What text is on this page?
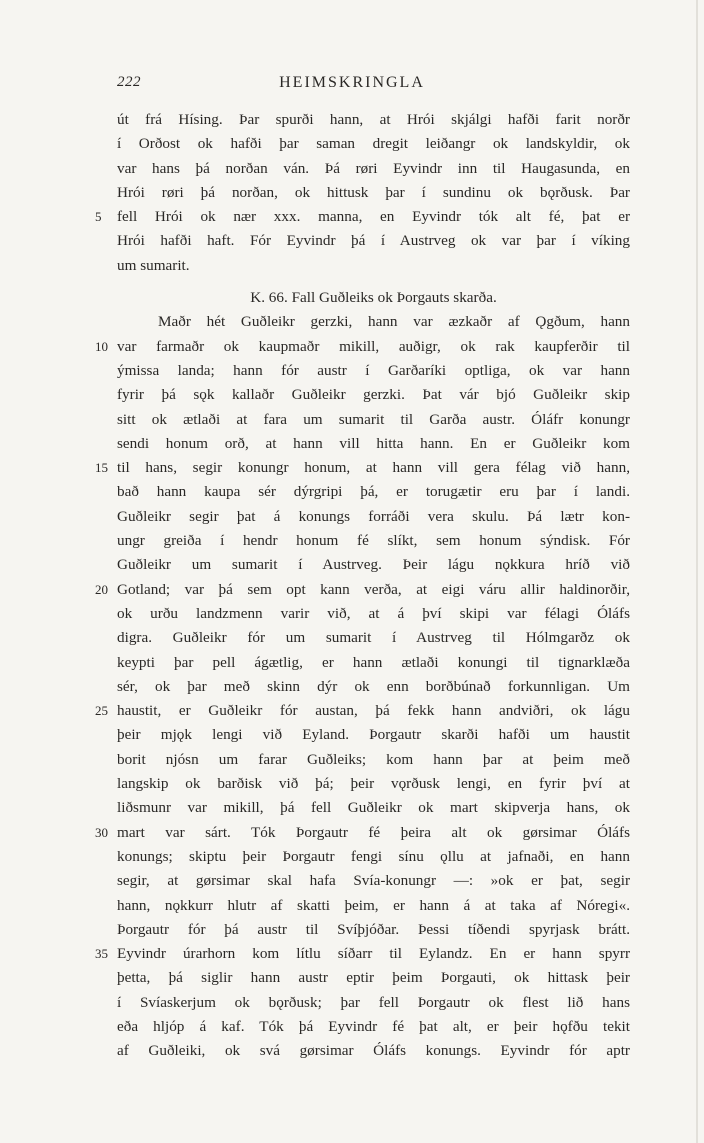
222	HEIMSKRINGLA
út frá Hísing. Þar spurði hann, at Hrói skjálgi hafði farit norðr
í Orðost ok hafði þar saman dregit leiðangr ok landskyldir, ok
var hans þá norðan ván. Þá røri Eyvindr inn til Haugasunda, en
Hrói røri þá norðan, ok hittusk þar í sundinu ok bǫrðusk. Þar
5	fell Hrói ok nær xxx. manna, en Eyvindr tók alt fé, þat er
Hrói hafði haft. Fór Eyvindr þá í Austrveg ok var þar í víking
um sumarit.
K. 66. Fall Guðleiks ok Þorgauts skarða.
Maðr hét Guðleikr gerzki, hann var æzkaðr af Ǫgðum, hann
10 var farmaðr ok kaupmaðr mikill, auðigr, ok rak kaupferðir til
ýmissa landa; hann fór austr í Garðaríki optliga, ok var hann
fyrir þá sǫk kallaðr Guðleikr gerzki. Þat vár bjó Guðleikr skip
sitt ok ætlaði at fara um sumarit til Garða austr. Óláfr konungr
sendi honum orð, at hann vill hitta hann. En er Guðleikr kom
15 til hans, segir konungr honum, at hann vill gera félag við hann,
bað hann kaupa sér dýrgripi þá, er torugætir eru þar í landi.
Guðleikr segir þat á konungs forráði vera skulu. Þá lætr kon-
ungr greiða í hendr honum fé slíkt, sem honum sýndisk. Fór
Guðleikr um sumarit í Austrveg. Þeir lágu nǫkkura hríð við
20 Gotland; var þá sem opt kann verða, at eigi váru allir haldinorðir,
ok urðu landzmenn varir við, at á því skipi var félagi Óláfs
digra. Guðleikr fór um sumarit í Austrveg til Hólmgarðz ok
keypti þar pell ágætlig, er hann ætlaði konungi til tignarklæða
sér, ok þar með skinn dýr ok enn borðbúnað forkunnligan. Um
25 haustit, er Guðleikr fór austan, þá fekk hann andviðri, ok lágu
þeir mjǫk lengi við Eyland. Þorgautr skarði hafði um haustit
borit njósn um farar Guðleiks; kom hann þar at þeim með
langskip ok barðisk við þá; þeir vǫrðusk lengi, en fyrir því at
liðsmunr var mikill, þá fell Guðleikr ok mart skipverja hans, ok
30 mart var sárt. Tók Þorgautr fé þeira alt ok gørsimar Óláfs
konungs; skiptu þeir Þorgautr fengi sínu ǫllu at jafnaði, en hann
segir, at gørsimar skal hafa Svía-konungr —: »ok er þat, segir
hann, nǫkkurr hlutr af skatti þeim, er hann á at taka af Nóregi«.
Þorgautr fór þá austr til Svíþjóðar. Þessi tíðendi spyrjask brátt.
35 Eyvindr úrarhorn kom lítlu síðarr til Eylandz. En er hann spyrr
þetta, þá siglir hann austr eptir þeim Þorgauti, ok hittask þeir
í Svíaskerjum ok bǫrðusk; þar fell Þorgautr ok flest lið hans
eða hljóp á kaf. Tók þá Eyvindr fé þat alt, er þeir hǫfðu tekit
af Guðleiki, ok svá gørsimar Óláfs konungs. Eyvindr fór aptr
